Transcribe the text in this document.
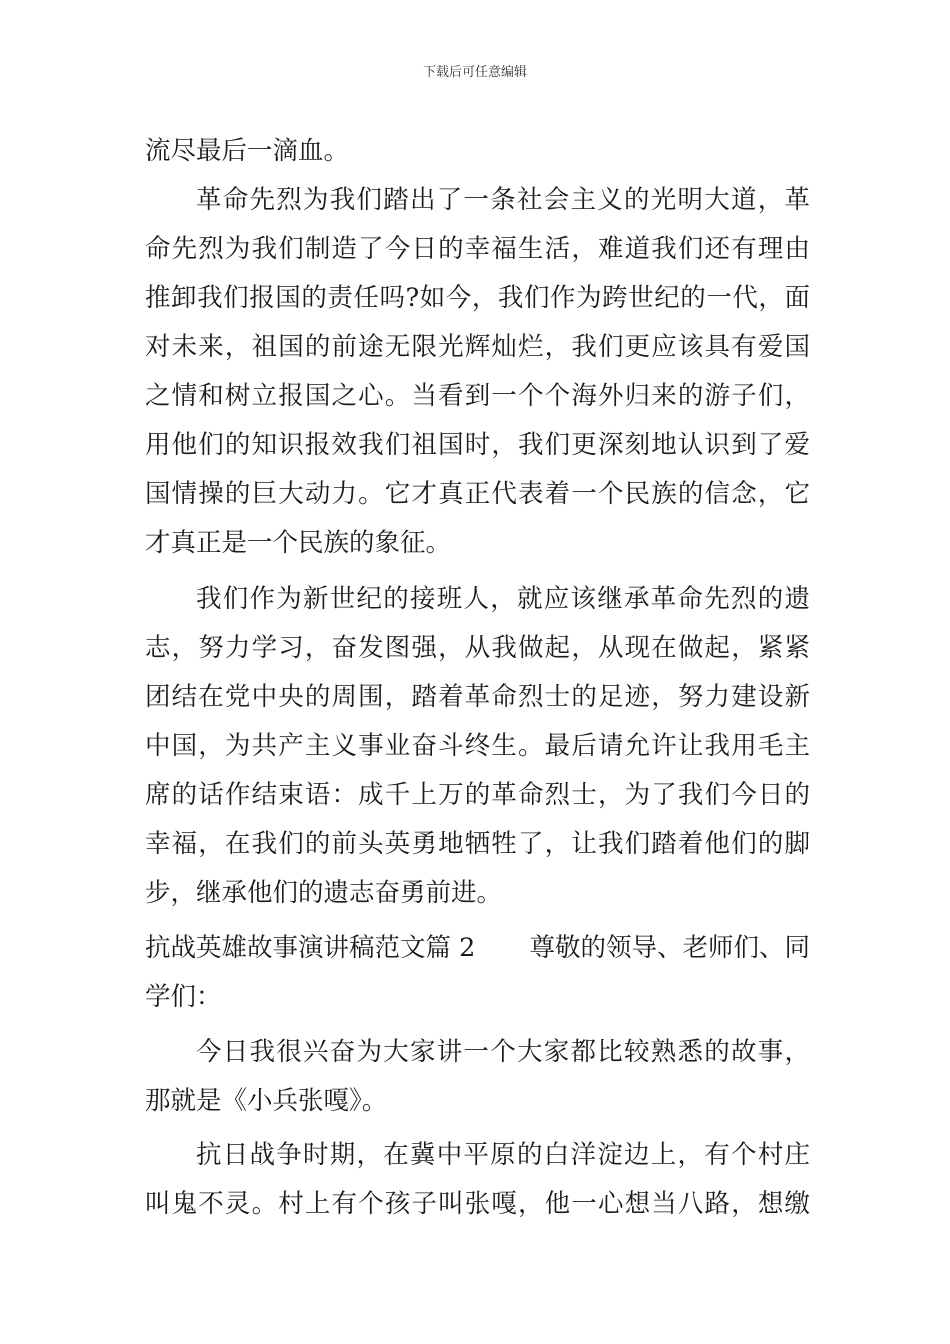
下载后可任意编辑
流尽最后一滴血。
革命先烈为我们踏出了一条社会主义的光明大道，革
命先烈为我们制造了今日的幸福生活，难道我们还有理由
推卸我们报国的责任吗?如今，我们作为跨世纪的一代，面
对未来，祖国的前途无限光辉灿烂，我们更应该具有爱国
之情和树立报国之心。当看到一个个海外归来的游子们，
用他们的知识报效我们祖国时，我们更深刻地认识到了爱
国情操的巨大动力。它才真正代表着一个民族的信念，它
才真正是一个民族的象征。
我们作为新世纪的接班人，就应该继承革命先烈的遗
志，努力学习，奋发图强，从我做起，从现在做起，紧紧
团结在党中央的周围，踏着革命烈士的足迹，努力建设新
中国，为共产主义事业奋斗终生。最后请允许让我用毛主
席的话作结束语：成千上万的革命烈士，为了我们今日的
幸福，在我们的前头英勇地牺牲了，让我们踏着他们的脚
步，继承他们的遗志奋勇前进。
抗战英雄故事演讲稿范文篇 2 尊敬的领导、老师们、同
学们：
今日我很兴奋为大家讲一个大家都比较熟悉的故事，
那就是《小兵张嘎》。
抗日战争时期，在冀中平原的白洋淀边上，有个村庄
叫鬼不灵。村上有个孩子叫张嘎，他一心想当八路，想缴
